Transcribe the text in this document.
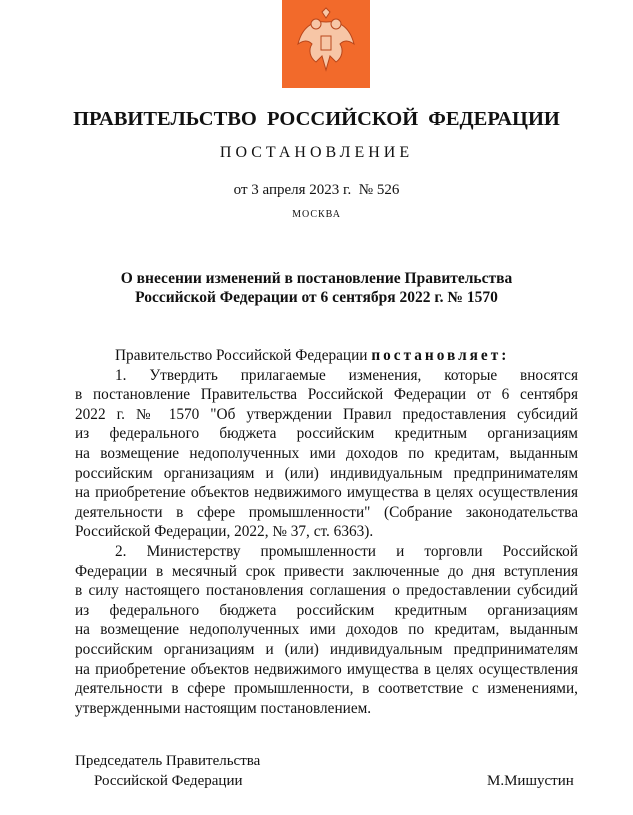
ПРАВИТЕЛЬСТВО РОССИЙСКОЙ ФЕДЕРАЦИИ
ПОСТАНОВЛЕНИЕ
от 3 апреля 2023 г.  № 526
МОСКВА
О внесении изменений в постановление Правительства
Российской Федерации от 6 сентября 2022 г. № 1570
Правительство Российской Федерации постановляет:
1. Утвердить прилагаемые изменения, которые вносятся
в постановление Правительства Российской Федерации от 6 сентября
2022 г. № 1570 "Об утверждении Правил предоставления субсидий
из федерального бюджета российским кредитным организациям
на возмещение недополученных ими доходов по кредитам, выданным
российским организациям и (или) индивидуальным предпринимателям
на приобретение объектов недвижимого имущества в целях осуществления
деятельности в сфере промышленности" (Собрание законодательства
Российской Федерации, 2022, № 37, ст. 6363).
2. Министерству промышленности и торговли Российской
Федерации в месячный срок привести заключенные до дня вступления
в силу настоящего постановления соглашения о предоставлении субсидий
из федерального бюджета российским кредитным организациям
на возмещение недополученных ими доходов по кредитам, выданным
российским организациям и (или) индивидуальным предпринимателям
на приобретение объектов недвижимого имущества в целях осуществления
деятельности в сфере промышленности, в соответствие с изменениями,
утвержденными настоящим постановлением.
Председатель Правительства
Российской Федерации	М.Мишустин
